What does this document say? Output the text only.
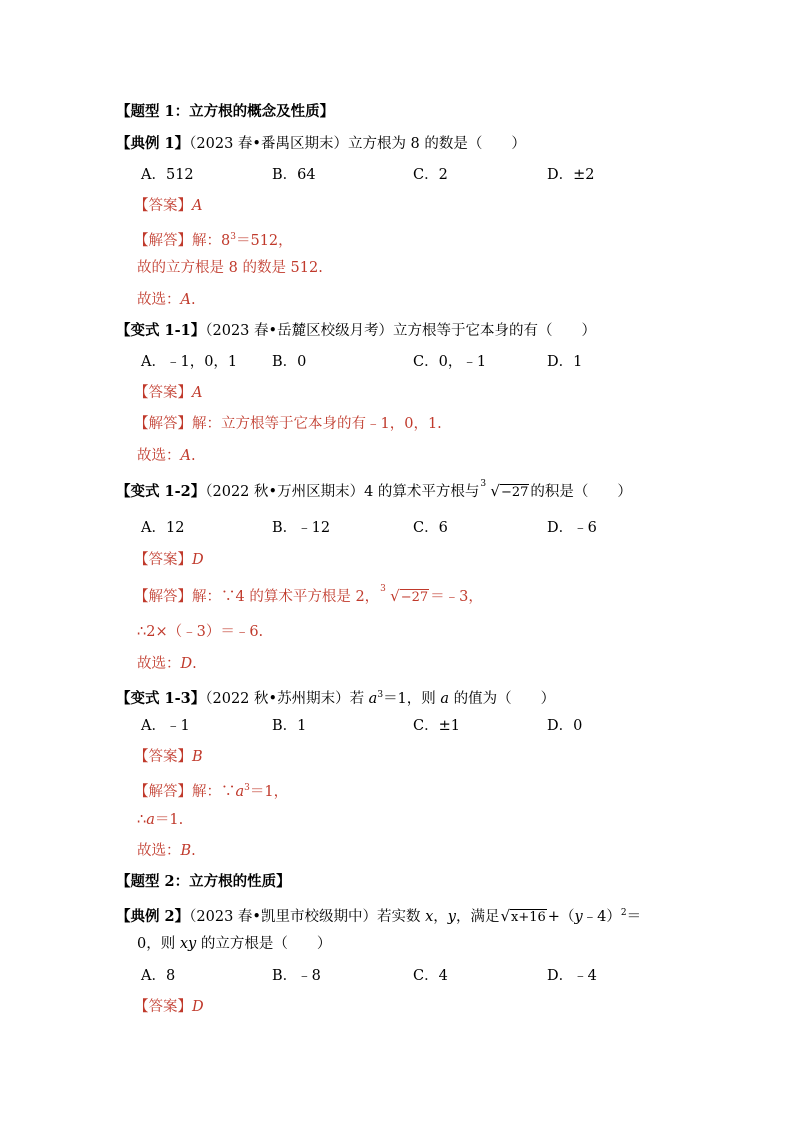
【题型 1：立方根的概念及性质】
【典例 1】（2023 春•番禺区期末）立方根为 8 的数是（　　）
A．512	B．64	C．2	D．±2
【答案】A
【解答】解：$8^3=512$，
故的立方根是 8 的数是 512.
故选：A.
【变式 1-1】（2023 春•岳麓区校级月考）立方根等于它本身的有（　　）
A．﹣1，0，1 B．0	C．0，﹣1	D．1
【答案】A
【解答】解：立方根等于它本身的有﹣1，0，1.
故选：A.
【变式 1-2】（2022 秋•万州区期末）4 的算术平方根与 3 √−27 的积是（　　）
A．12	B．﹣12	C．6	D．﹣6
【答案】D
【解答】解：∵4 的算术平方根是 2， 3 √−27 ＝﹣3，
∴2×（﹣3）＝﹣6.
故选：D.
【变式 1-3】（2022 秋•苏州期末）若 $a^3=1$，则 a 的值为（　　）
A．﹣1	B．1	C．±1	D．0
【答案】B
【解答】解：$\because a^3=1$，
∴a＝1.
故选：B.
【题型 2：立方根的性质】
【典例 2】（2023 春•凯里市校级期中）若实数 x，y，满足√x+16 +（y﹣4）$^2$＝
0，则 xy 的立方根是（　　）
A．8	B．﹣8	C．4	D．﹣4
【答案】D
